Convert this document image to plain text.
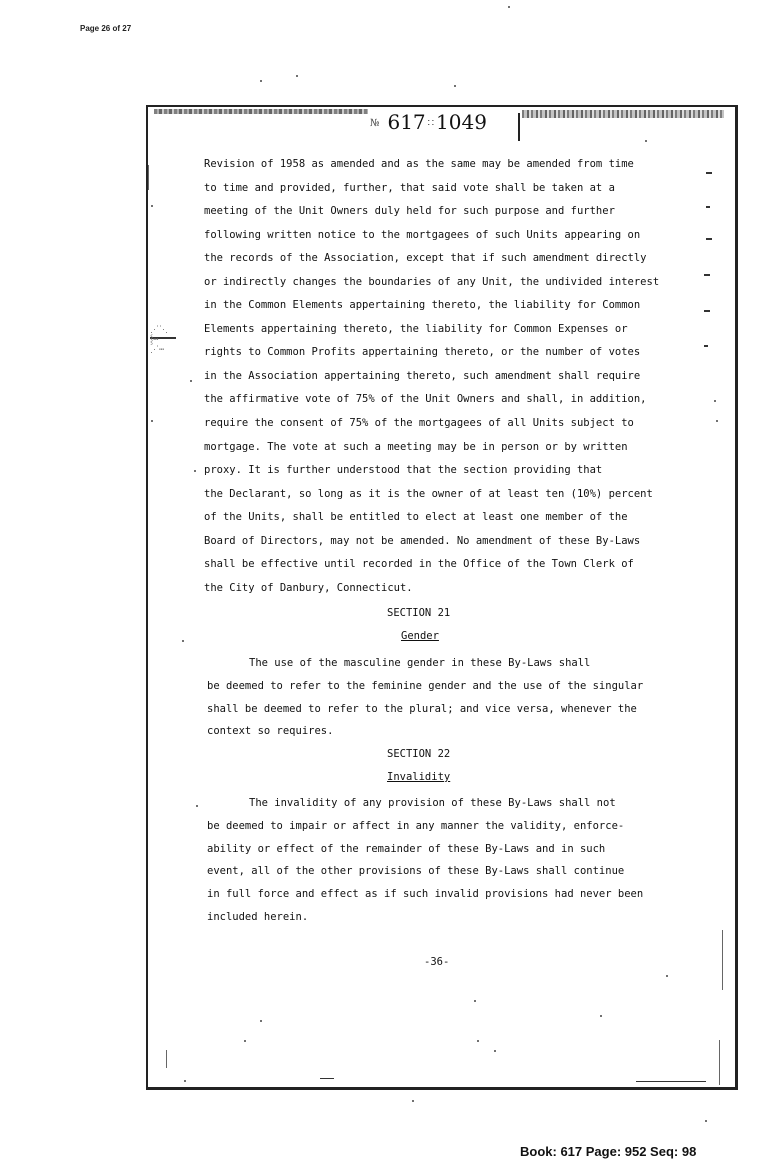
Page 26 of 27
№ 617 ∷ 1049
Revision of 1958 as amended and as the same may be amended from time
to time and provided, further, that said vote shall be taken at a
meeting of the Unit Owners duly held for such purpose and further
following written notice to the mortgagees of such Units appearing on
the records of the Association, except that if such amendment directly
or indirectly changes the boundaries of any Unit, the undivided interest
in the Common Elements appertaining thereto, the liability for Common
Elements appertaining thereto, the liability for Common Expenses or
rights to Common Profits appertaining thereto, or the number of votes
in the Association appertaining thereto, such amendment shall require
the affirmative vote of 75% of the Unit Owners and shall, in addition,
require the consent of 75% of the mortgagees of all Units subject to
mortgage. The vote at such a meeting may be in person or by written
proxy. It is further understood that the section providing that
the Declarant, so long as it is the owner of at least ten (10%) percent
of the Units, shall be entitled to elect at least one member of the
Board of Directors, may not be amended. No amendment of these By-Laws
shall be effective until recorded in the Office of the Town Clerk of
the City of Danbury, Connecticut.
SECTION 21
Gender
The use of the masculine gender in these By-Laws shall
be deemed to refer to the feminine gender and the use of the singular
shall be deemed to refer to the plural; and vice versa, whenever the
context so requires.
SECTION 22
Invalidity
The invalidity of any provision of these By-Laws shall not
be deemed to impair or affect in any manner the validity, enforce-
ability or effect of the remainder of these By-Laws and in such
event, all of the other provisions of these By-Laws shall continue
in full force and effect as if such invalid provisions had never been
included herein.
-36-
Book: 617 Page: 952 Seq: 98
⋰⋱
⸾⋯
⋰⋯
